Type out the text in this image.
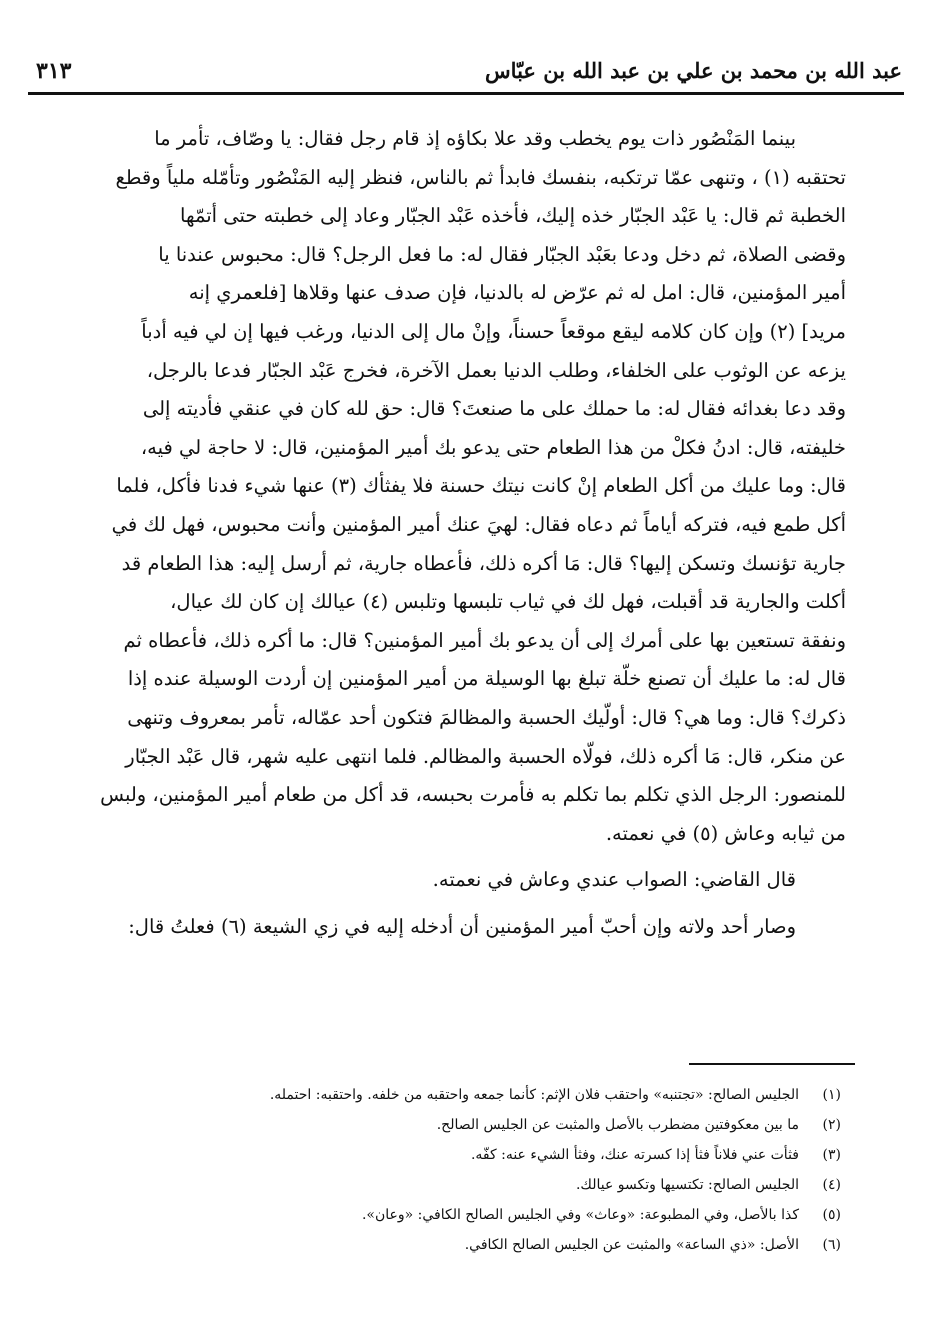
٣١٣	عبد الله بن محمد بن علي بن عبد الله بن عبّاس
بينما المَنْصُور ذات يوم يخطب وقد علا بكاؤه إذ قام رجل فقال: يا وصّاف، تأمر ما
تحتقبه (١) ، وتنهى عمّا ترتكبه، بنفسك فابدأ ثم بالناس، فنظر إليه المَنْصُور وتأمّله ملياً وقطع
الخطبة ثم قال: يا عَبْد الجبّار خذه إليك، فأخذه عَبْد الجبّار وعاد إلى خطبته حتى أتمّها
وقضى الصلاة، ثم دخل ودعا بعَبْد الجبّار فقال له: ما فعل الرجل؟ قال: محبوس عندنا يا
أمير المؤمنين، قال: امل له ثم عرّض له بالدنيا، فإن صدف عنها وقلاها [فلعمري إنه
مريد] (٢) وإن كان كلامه ليقع موقعاً حسناً، وإنْ مال إلى الدنيا، ورغب فيها إن لي فيه أدباً
يزعه عن الوثوب على الخلفاء، وطلب الدنيا بعمل الآخرة، فخرج عَبْد الجبّار فدعا بالرجل،
وقد دعا بغدائه فقال له: ما حملك على ما صنعتَ؟ قال: حق لله كان في عنقي فأديته إلى
خليفته، قال: ادنُ فكلْ من هذا الطعام حتى يدعو بك أمير المؤمنين، قال: لا حاجة لي فيه،
قال: وما عليك من أكل الطعام إنْ كانت نيتك حسنة فلا يفثأك (٣) عنها شيء فدنا فأكل، فلما
أكل طمع فيه، فتركه أياماً ثم دعاه فقال: لهيَ عنك أمير المؤمنين وأنت محبوس، فهل لك في
جارية تؤنسك وتسكن إليها؟ قال: مَا أكره ذلك، فأعطاه جارية، ثم أرسل إليه: هذا الطعام قد
أكلت والجارية قد أقبلت، فهل لك في ثياب تلبسها وتلبس (٤) عيالك إن كان لك عيال،
ونفقة تستعين بها على أمرك إلى أن يدعو بك أمير المؤمنين؟ قال: ما أكره ذلك، فأعطاه ثم
قال له: ما عليك أن تصنع خلّة تبلغ بها الوسيلة من أمير المؤمنين إن أردت الوسيلة عنده إذا
ذكرك؟ قال: وما هي؟ قال: أولّيك الحسبة والمظالمَ فتكون أحد عمّاله، تأمر بمعروف وتنهى
عن منكر، قال: مَا أكره ذلك، فولّاه الحسبة والمظالم. فلما انتهى عليه شهر، قال عَبْد الجبّار
للمنصور: الرجل الذي تكلم بما تكلم به فأمرت بحبسه، قد أكل من طعام أمير المؤمنين، ولبس
من ثيابه وعاش (٥) في نعمته.
قال القاضي: الصواب عندي وعاش في نعمته.
وصار أحد ولاته وإن أحبّ أمير المؤمنين أن أدخله إليه في زي الشيعة (٦) فعلتُ قال:
(١)الجليس الصالح: «تجتنبه» واحتقب فلان الإثم: كأنما جمعه واحتقبه من خلفه. واحتقبه: احتمله.
(٢)ما بين معكوفتين مضطرب بالأصل والمثبت عن الجليس الصالح.
(٣)فثأت عني فلاناً فثأ إذا كسرته عنك، وفثأ الشيء عنه: كفّه.
(٤)الجليس الصالح: تكتسيها وتكسو عيالك.
(٥)كذا بالأصل، وفي المطبوعة: «وعاث» وفي الجليس الصالح الكافي: «وعان».
(٦)الأصل: «ذي الساعة» والمثبت عن الجليس الصالح الكافي.
